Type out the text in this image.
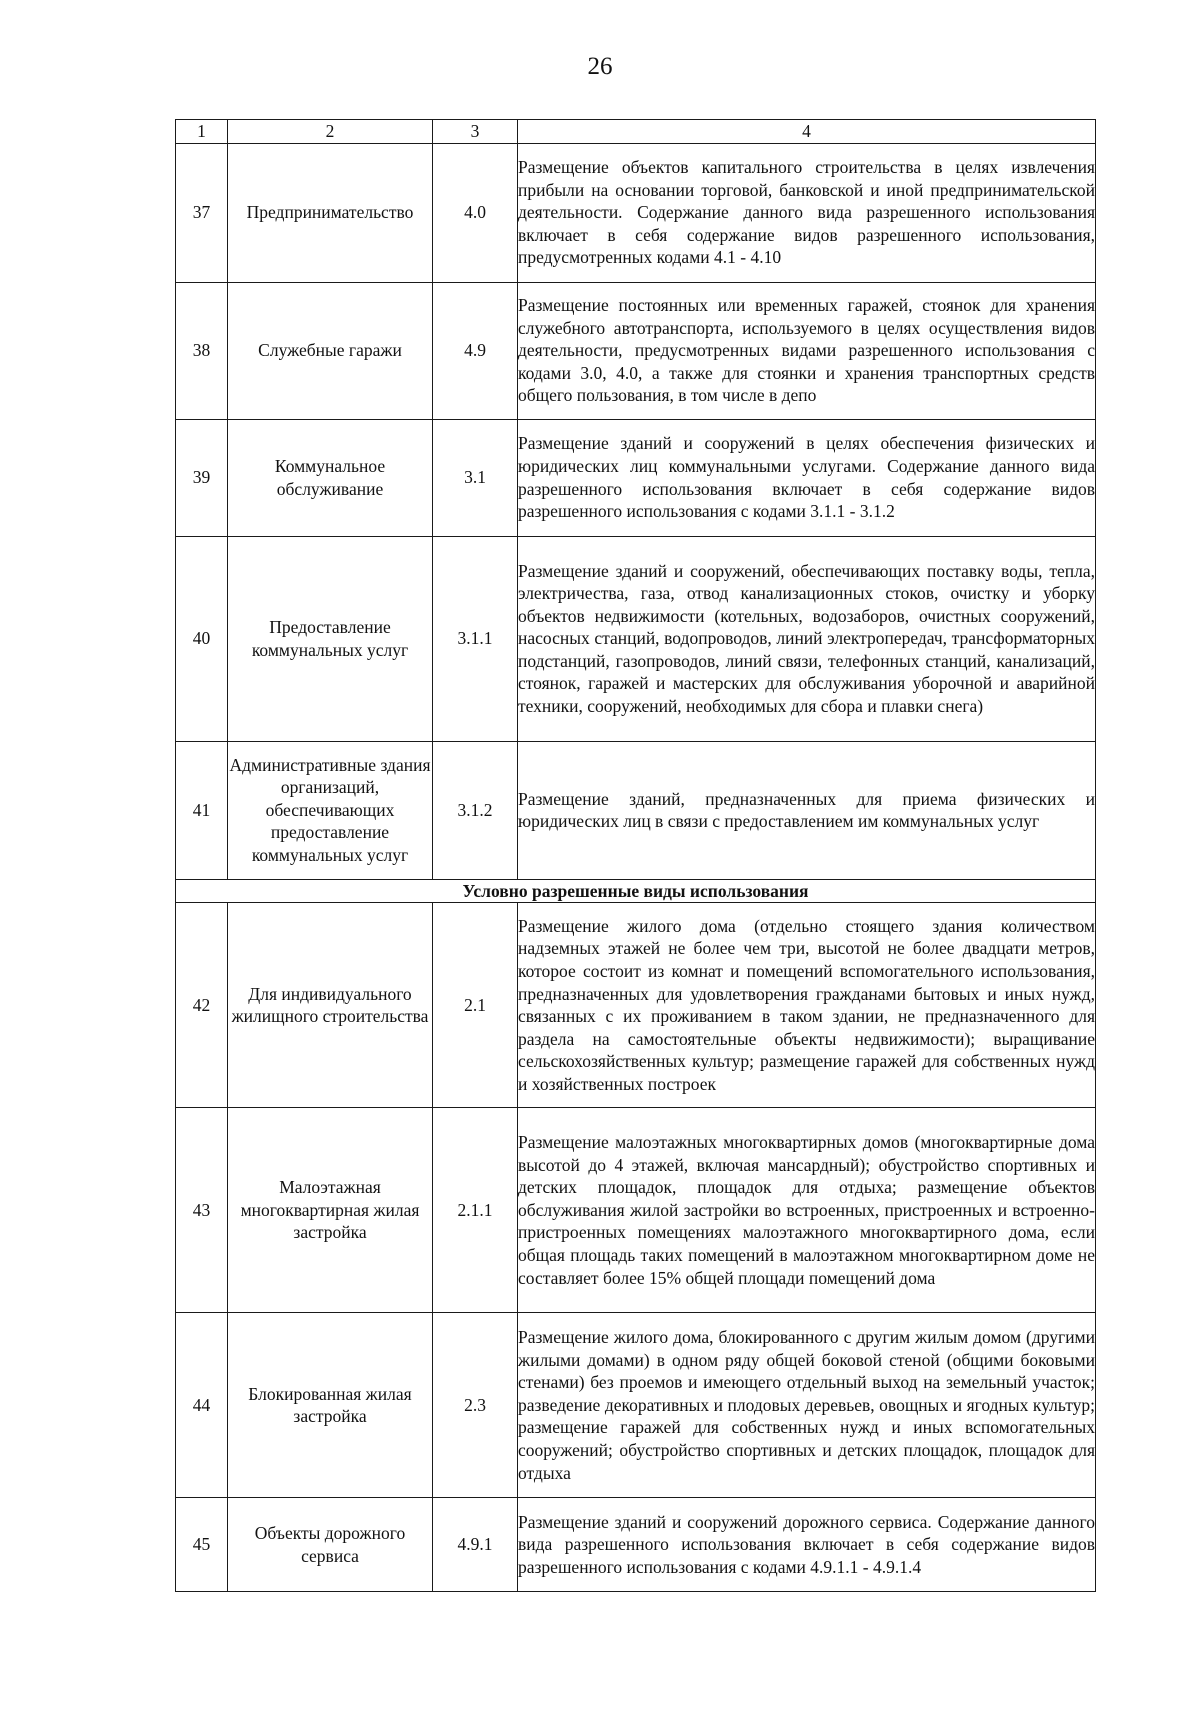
26
1	2	3	4
37	Предпринимательство	4.0	Размещение объектов капитального строительства в целях извлечения прибыли на основании торговой, банковской и иной предпринимательской деятельности. Содержание данного вида разрешенного использования включает в себя содержание видов разрешенного использования, предусмотренных кодами 4.1 - 4.10
38	Служебные гаражи	4.9	Размещение постоянных или временных гаражей, стоянок для хранения служебного автотранспорта, используемого в целях осуществления видов деятельности, предусмотренных видами разрешенного использования с кодами 3.0, 4.0, а также для стоянки и хранения транспортных средств общего пользования, в том числе в депо
39	Коммунальное обслуживание	3.1	Размещение зданий и сооружений в целях обеспечения физических и юридических лиц коммунальными услугами. Содержание данного вида разрешенного использования включает в себя содержание видов разрешенного использования с кодами 3.1.1 - 3.1.2
40	Предоставление коммунальных услуг	3.1.1	Размещение зданий и сооружений, обеспечивающих поставку воды, тепла, электричества, газа, отвод канализационных стоков, очистку и уборку объектов недвижимости (котельных, водозаборов, очистных сооружений, насосных станций, водопроводов, линий электропередач, трансформаторных подстанций, газопроводов, линий связи, телефонных станций, канализаций, стоянок, гаражей и мастерских для обслуживания уборочной и аварийной техники, сооружений, необходимых для сбора и плавки снега)
41	Административные здания организаций, обеспечивающих предоставление коммунальных услуг	3.1.2	Размещение зданий, предназначенных для приема физических и юридических лиц в связи с предоставлением им коммунальных услуг
Условно разрешенные виды использования			
42	Для индивидуального жилищного строительства	2.1	Размещение жилого дома (отдельно стоящего здания количеством надземных этажей не более чем три, высотой не более двадцати метров, которое состоит из комнат и помещений вспомогательного использования, предназначенных для удовлетворения гражданами бытовых и иных нужд, связанных с их проживанием в таком здании, не предназначенного для раздела на самостоятельные объекты недвижимости); выращивание сельскохозяйственных культур; размещение гаражей для собственных нужд и хозяйственных построек
43	Малоэтажная многоквартирная жилая застройка	2.1.1	Размещение малоэтажных многоквартирных домов (многоквартирные дома высотой до 4 этажей, включая мансардный); обустройство спортивных и детских площадок, площадок для отдыха; размещение объектов обслуживания жилой застройки во встроенных, пристроенных и встроенно-пристроенных помещениях малоэтажного многоквартирного дома, если общая площадь таких помещений в малоэтажном многоквартирном доме не составляет более 15% общей площади помещений дома
44	Блокированная жилая застройка	2.3	Размещение жилого дома, блокированного с другим жилым домом (другими жилыми домами) в одном ряду общей боковой стеной (общими боковыми стенами) без проемов и имеющего отдельный выход на земельный участок; разведение декоративных и плодовых деревьев, овощных и ягодных культур; размещение гаражей для собственных нужд и иных вспомогательных сооружений; обустройство спортивных и детских площадок, площадок для отдыха
45	Объекты дорожного сервиса	4.9.1	Размещение зданий и сооружений дорожного сервиса. Содержание данного вида разрешенного использования включает в себя содержание видов разрешенного использования с кодами 4.9.1.1 - 4.9.1.4
